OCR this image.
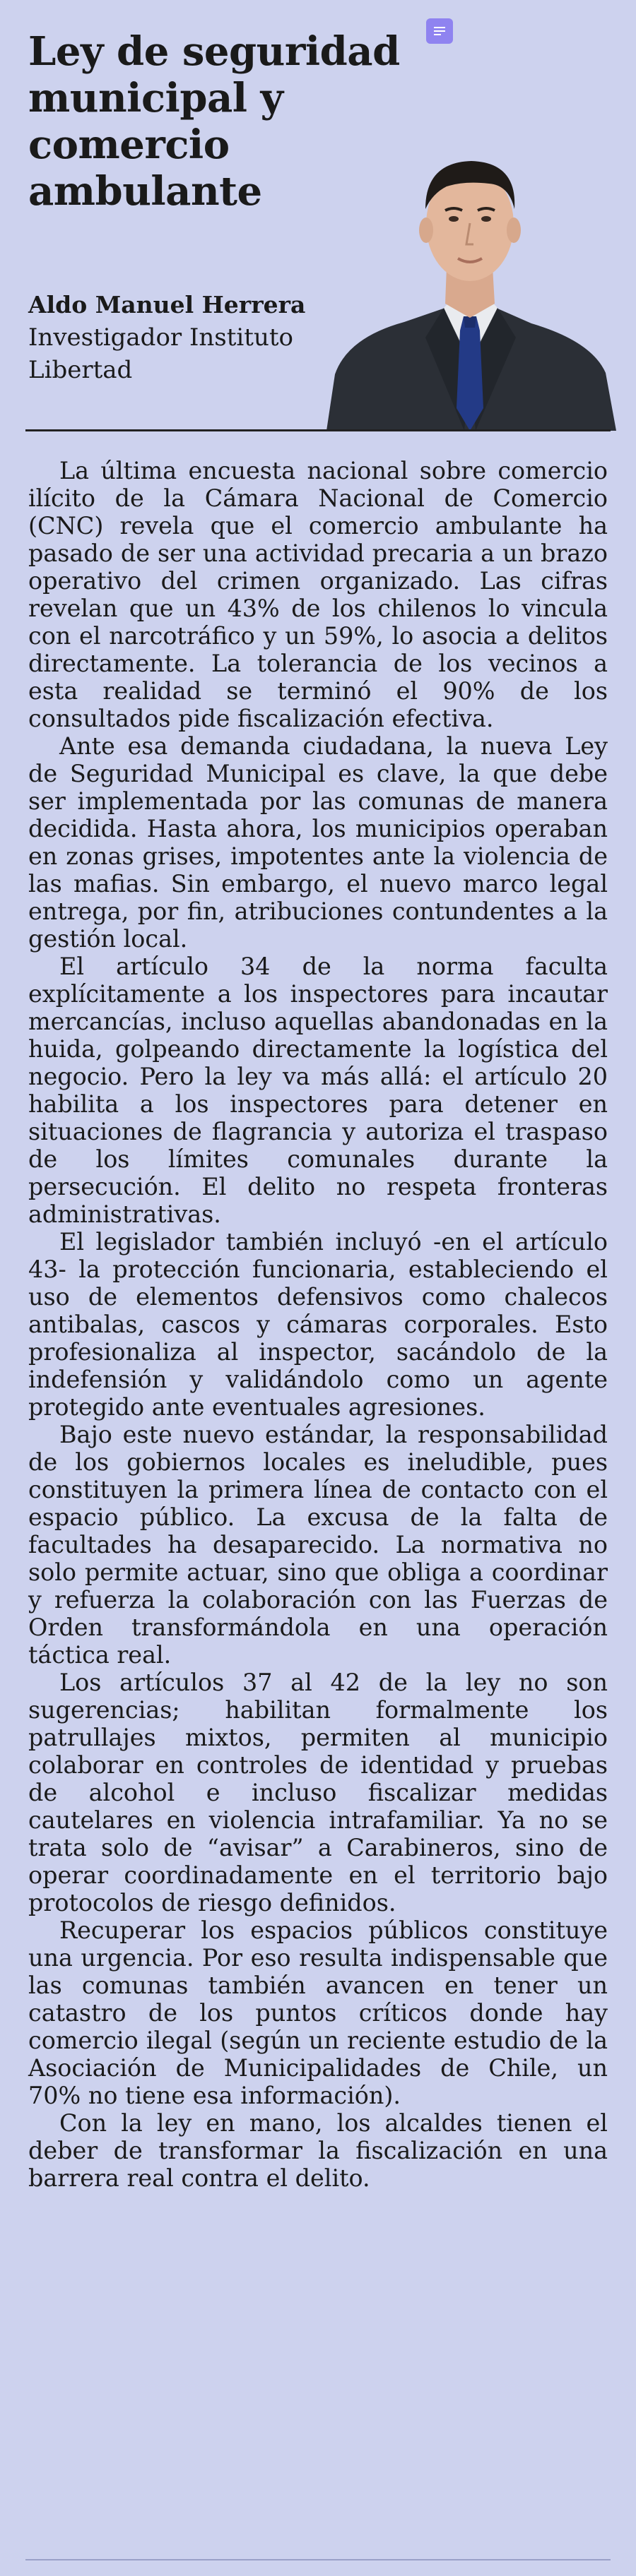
Ley de seguridad municipal y comercio ambulante

Aldo Manuel Herrera

Investigador Instituto Libertad

La última encuesta nacional sobre comercio ilícito de la Cámara Nacional de Comercio (CNC) revela que el comercio ambulante ha pasado de ser una actividad precaria a un brazo operativo del crimen organizado. Las cifras revelan que un 43% de los chilenos lo vincula con el narcotráfico y un 59%, lo asocia a delitos directamente. La tolerancia de los vecinos a esta realidad se terminó el 90% de los consultados pide fiscalización efectiva.

Ante esa demanda ciudadana, la nueva Ley de Seguridad Municipal es clave, la que debe ser implementada por las comunas de manera decidida. Hasta ahora, los municipios operaban en zonas grises, impotentes ante la violencia de las mafias. Sin embargo, el nuevo marco legal entrega, por fin, atribuciones contundentes a la gestión local.

El artículo 34 de la norma faculta explícitamente a los inspectores para incautar mercancías, incluso aquellas abandonadas en la huida, golpeando directamente la logística del negocio. Pero la ley va más allá: el artículo 20 habilita a los inspectores para detener en situaciones de flagrancia y autoriza el traspaso de los límites comunales durante la persecución. El delito no respeta fronteras administrativas.

El legislador también incluyó -en el artículo 43- la protección funcionaria, estableciendo el uso de elementos defensivos como chalecos antibalas, cascos y cámaras corporales. Esto profesionaliza al inspector, sacándolo de la indefensión y validándolo como un agente protegido ante eventuales agresiones.

Bajo este nuevo estándar, la responsabilidad de los gobiernos locales es ineludible, pues constituyen la primera línea de contacto con el espacio público. La excusa de la falta de facultades ha desaparecido. La normativa no solo permite actuar, sino que obliga a coordinar y refuerza la colaboración con las Fuerzas de Orden transformándola en una operación táctica real.

Los artículos 37 al 42 de la ley no son sugerencias; habilitan formalmente los patrullajes mixtos, permiten al municipio colaborar en controles de identidad y pruebas de alcohol e incluso fiscalizar medidas cautelares en violencia intrafamiliar. Ya no se trata solo de “avisar” a Carabineros, sino de operar coordinadamente en el territorio bajo protocolos de riesgo definidos.

Recuperar los espacios públicos constituye una urgencia. Por eso resulta indispensable que las comunas también avancen en tener un catastro de los puntos críticos donde hay comercio ilegal (según un reciente estudio de la Asociación de Municipalidades de Chile, un 70% no tiene esa información).

Con la ley en mano, los alcaldes tienen el deber de transformar la fiscalización en una barrera real contra el delito.
